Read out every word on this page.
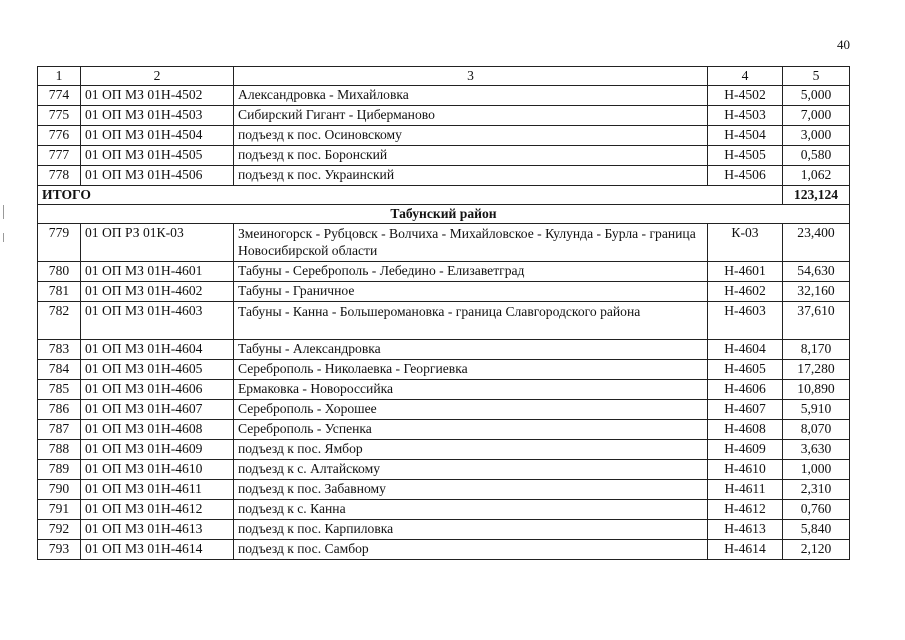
40
1	2	3	4	5
774	01 ОП МЗ 01Н-4502	Александровка - Михайловка	Н-4502	5,000
775	01 ОП МЗ 01Н-4503	Сибирский Гигант - Циберманово	Н-4503	7,000
776	01 ОП МЗ 01Н-4504	подъезд к пос. Осиновскому	Н-4504	3,000
777	01 ОП МЗ 01Н-4505	подъезд к пос. Боронский	Н-4505	0,580
778	01 ОП МЗ 01Н-4506	подъезд к пос. Украинский	Н-4506	1,062
ИТОГО				123,124
Табунский район				
779	01 ОП РЗ 01К-03	Змеиногорск - Рубцовск - Волчиха - Михайловское - Кулунда - Бурла - граница Новосибирской области	К-03	23,400
780	01 ОП МЗ 01Н-4601	Табуны - Сереброполь - Лебедино - Елизаветград	Н-4601	54,630
781	01 ОП МЗ 01Н-4602	Табуны - Граничное	Н-4602	32,160
782	01 ОП МЗ 01Н-4603	Табуны - Канна - Большеромановка - граница Славгородского района	Н-4603	37,610
783	01 ОП МЗ 01Н-4604	Табуны - Александровка	Н-4604	8,170
784	01 ОП МЗ 01Н-4605	Сереброполь - Николаевка - Георгиевка	Н-4605	17,280
785	01 ОП МЗ 01Н-4606	Ермаковка - Новороссийка	Н-4606	10,890
786	01 ОП МЗ 01Н-4607	Сереброполь - Хорошее	Н-4607	5,910
787	01 ОП МЗ 01Н-4608	Сереброполь - Успенка	Н-4608	8,070
788	01 ОП МЗ 01Н-4609	подъезд к пос. Ямбор	Н-4609	3,630
789	01 ОП МЗ 01Н-4610	подъезд к с. Алтайскому	Н-4610	1,000
790	01 ОП МЗ 01Н-4611	подъезд к пос. Забавному	Н-4611	2,310
791	01 ОП МЗ 01Н-4612	подъезд к с. Канна	Н-4612	0,760
792	01 ОП МЗ 01Н-4613	подъезд к пос. Карпиловка	Н-4613	5,840
793	01 ОП МЗ 01Н-4614	подъезд к пос. Самбор	Н-4614	2,120
